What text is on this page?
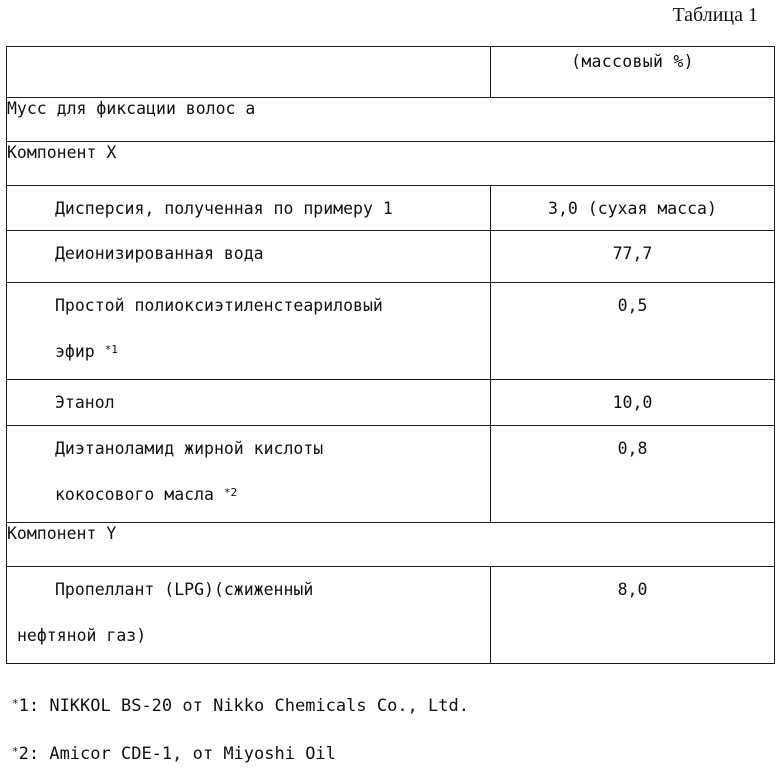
Таблица 1
	(массовый %)
Мусс для фиксации волос а	
Компонент X	
Дисперсия, полученная по примеру 1	3,0 (сухая масса)
Деионизированная вода	77,7

Простой полиоксиэтиленстеариловый
эфир $^{*1}$	0,5
Этанол	10,0

Диэтаноламид жирной кислоты
кокосового масла $^{*2}$	0,8
Компонент Y	

Пропеллант (LPG)(сжиженный
нефтяной газ)	8,0
*1: NIKKOL BS-20 от Nikko Chemicals Co., Ltd.
*2: Amicor CDE-1, от Miyoshi Oil
